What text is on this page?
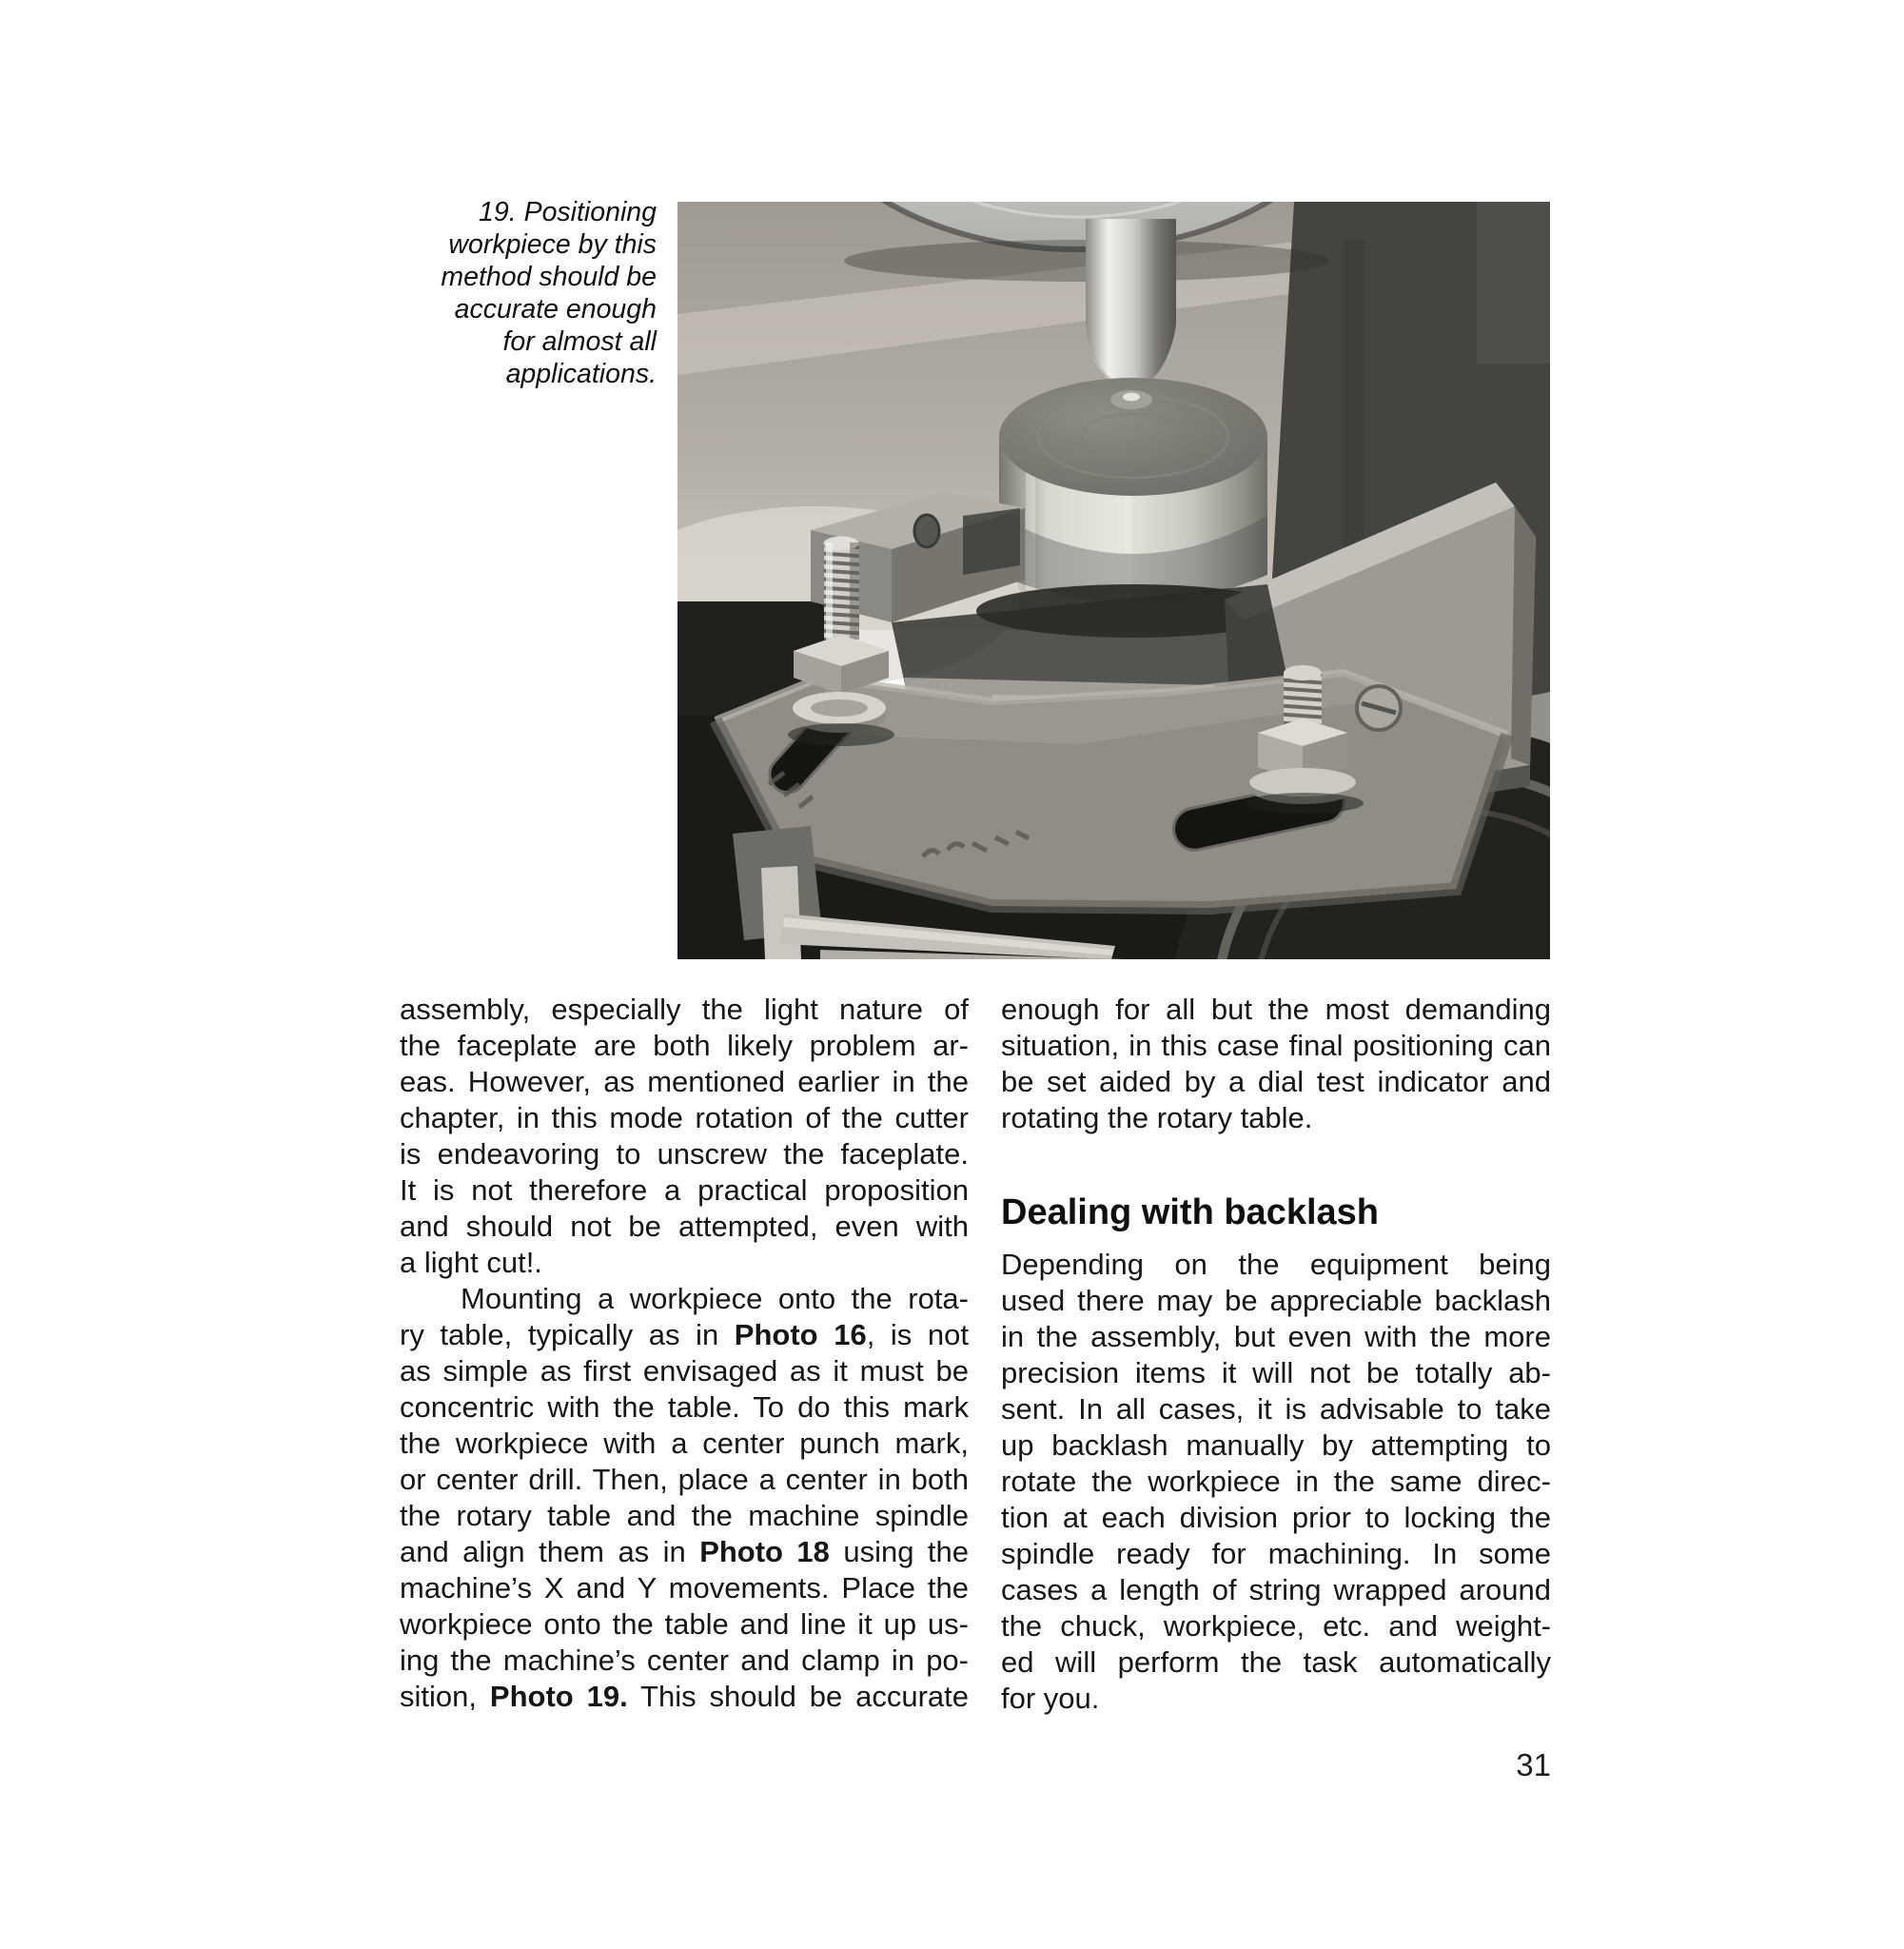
19. Positioning
workpiece by this
method should be
accurate enough
for almost all
applications.
assembly, especially the light nature of
the faceplate are both likely problem ar-
eas. However, as mentioned earlier in the
chapter, in this mode rotation of the cutter
is endeavoring to unscrew the faceplate.
It is not therefore a practical proposition
and should not be attempted, even with
a light cut!.
Mounting a workpiece onto the rota-
ry table, typically as in Photo 16, is not
as simple as first envisaged as it must be
concentric with the table. To do this mark
the workpiece with a center punch mark,
or center drill. Then, place a center in both
the rotary table and the machine spindle
and align them as in Photo 18 using the
machine’s X and Y movements. Place the
workpiece onto the table and line it up us-
ing the machine’s center and clamp in po-
sition, Photo 19. This should be accurate
enough for all but the most demanding
situation, in this case final positioning can
be set aided by a dial test indicator and
rotating the rotary table.
Dealing with backlash
Depending on the equipment being
used there may be appreciable backlash
in the assembly, but even with the more
precision items it will not be totally ab-
sent. In all cases, it is advisable to take
up backlash manually by attempting to
rotate the workpiece in the same direc-
tion at each division prior to locking the
spindle ready for machining. In some
cases a length of string wrapped around
the chuck, workpiece, etc. and weight-
ed will perform the task automatically
for you.
31
